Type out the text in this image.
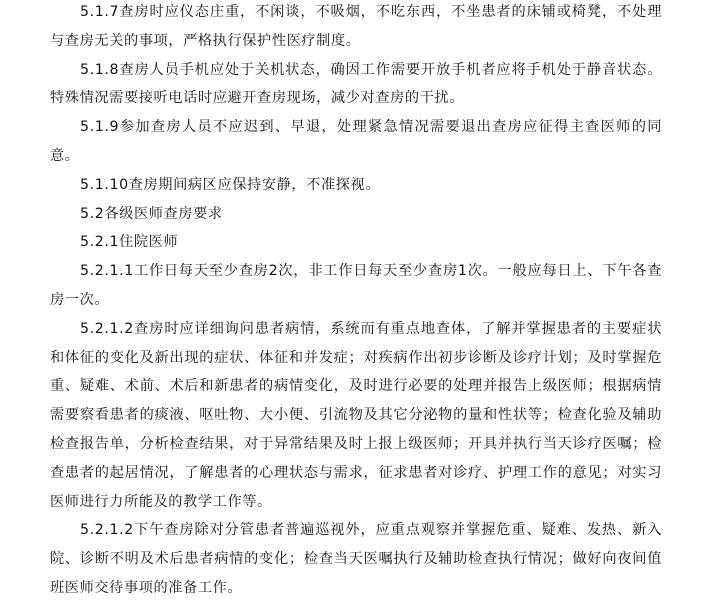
5.1.7查房时应仪态庄重，不闲谈，不吸烟，不吃东西，不坐患者的床铺或椅凳，不处理与查房无关的事项，严格执行保护性医疗制度。

5.1.8查房人员手机应处于关机状态，确因工作需要开放手机者应将手机处于静音状态。特殊情况需要接听电话时应避开查房现场，减少对查房的干扰。

5.1.9参加查房人员不应迟到、早退，处理紧急情况需要退出查房应征得主查医师的同意。

5.1.10查房期间病区应保持安静，不准探视。

5.2各级医师查房要求

5.2.1住院医师

5.2.1.1工作日每天至少查房2次，非工作日每天至少查房1次。一般应每日上、下午各查房一次。

5.2.1.2查房时应详细询问患者病情，系统而有重点地查体，了解并掌握患者的主要症状和体征的变化及新出现的症状、体征和并发症；对疾病作出初步诊断及诊疗计划；及时掌握危重、疑难、术前、术后和新患者的病情变化，及时进行必要的处理并报告上级医师；根据病情需要察看患者的痰液、呕吐物、大小便、引流物及其它分泌物的量和性状等；检查化验及辅助检查报告单，分析检查结果，对于异常结果及时上报上级医师；开具并执行当天诊疗医嘱；检查患者的起居情况，了解患者的心理状态与需求，征求患者对诊疗、护理工作的意见；对实习医师进行力所能及的教学工作等。

5.2.1.2下午查房除对分管患者普遍巡视外，应重点观察并掌握危重、疑难、发热、新入院、诊断不明及术后患者病情的变化；检查当天医嘱执行及辅助检查执行情况；做好向夜间值班医师交待事项的准备工作。
